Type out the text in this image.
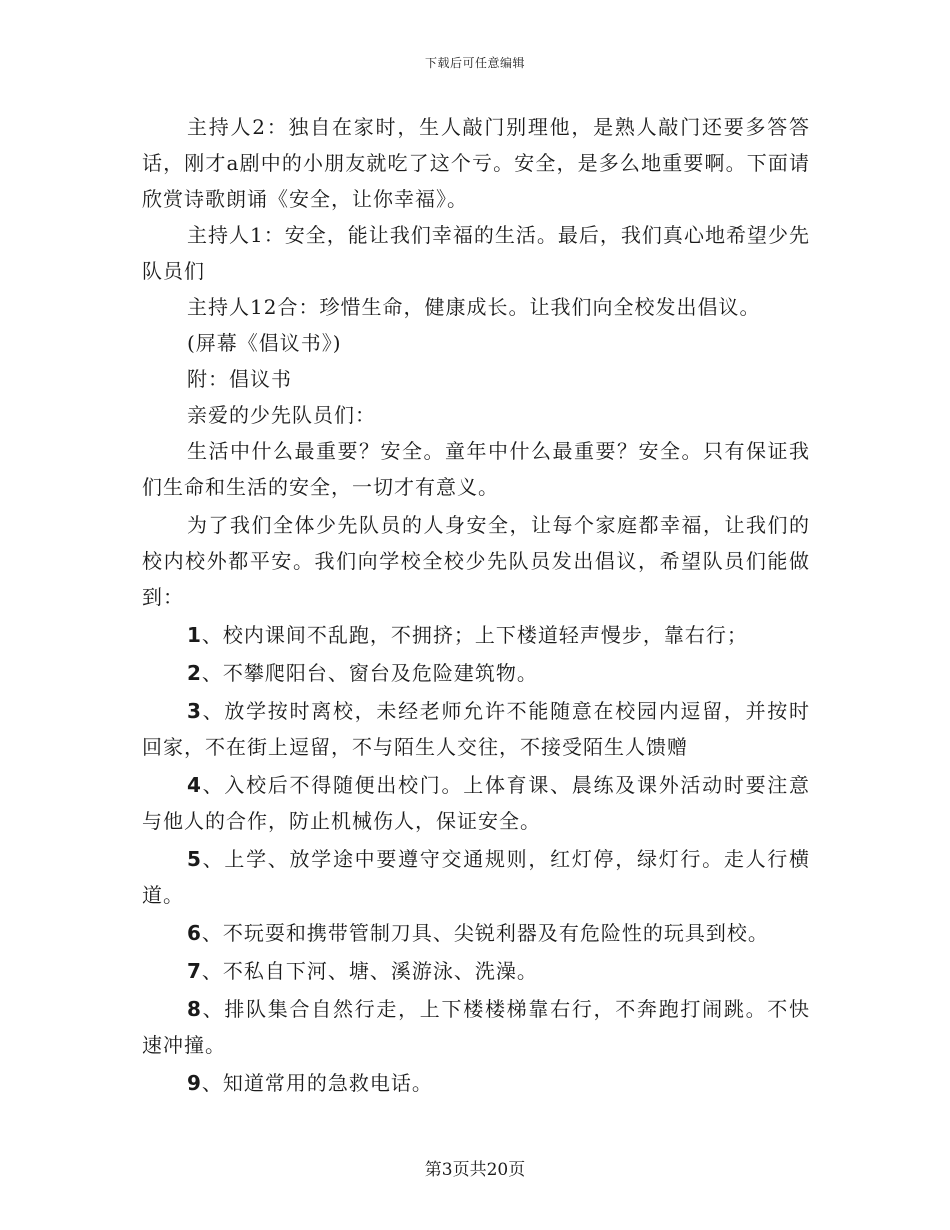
下载后可任意编辑

主持人2：独自在家时，生人敲门别理他，是熟人敲门还要多答答话，刚才a剧中的小朋友就吃了这个亏。安全，是多么地重要啊。下面请欣赏诗歌朗诵《安全，让你幸福》。

主持人1：安全，能让我们幸福的生活。最后，我们真心地希望少先队员们

主持人12合：珍惜生命，健康成长。让我们向全校发出倡议。

(屏幕《倡议书》)

附：倡议书

亲爱的少先队员们：

生活中什么最重要？安全。童年中什么最重要？安全。只有保证我们生命和生活的安全，一切才有意义。

为了我们全体少先队员的人身安全，让每个家庭都幸福，让我们的校内校外都平安。我们向学校全校少先队员发出倡议，希望队员们能做到：

1、校内课间不乱跑，不拥挤；上下楼道轻声慢步，靠右行；

2、不攀爬阳台、窗台及危险建筑物。

3、放学按时离校，未经老师允许不能随意在校园内逗留，并按时回家，不在街上逗留，不与陌生人交往，不接受陌生人馈赠

4、入校后不得随便出校门。上体育课、晨练及课外活动时要注意与他人的合作，防止机械伤人，保证安全。

5、上学、放学途中要遵守交通规则，红灯停，绿灯行。走人行横道。

6、不玩耍和携带管制刀具、尖锐利器及有危险性的玩具到校。

7、不私自下河、塘、溪游泳、洗澡。

8、排队集合自然行走，上下楼楼梯靠右行，不奔跑打闹跳。不快速冲撞。

9、知道常用的急救电话。

第3页共20页
